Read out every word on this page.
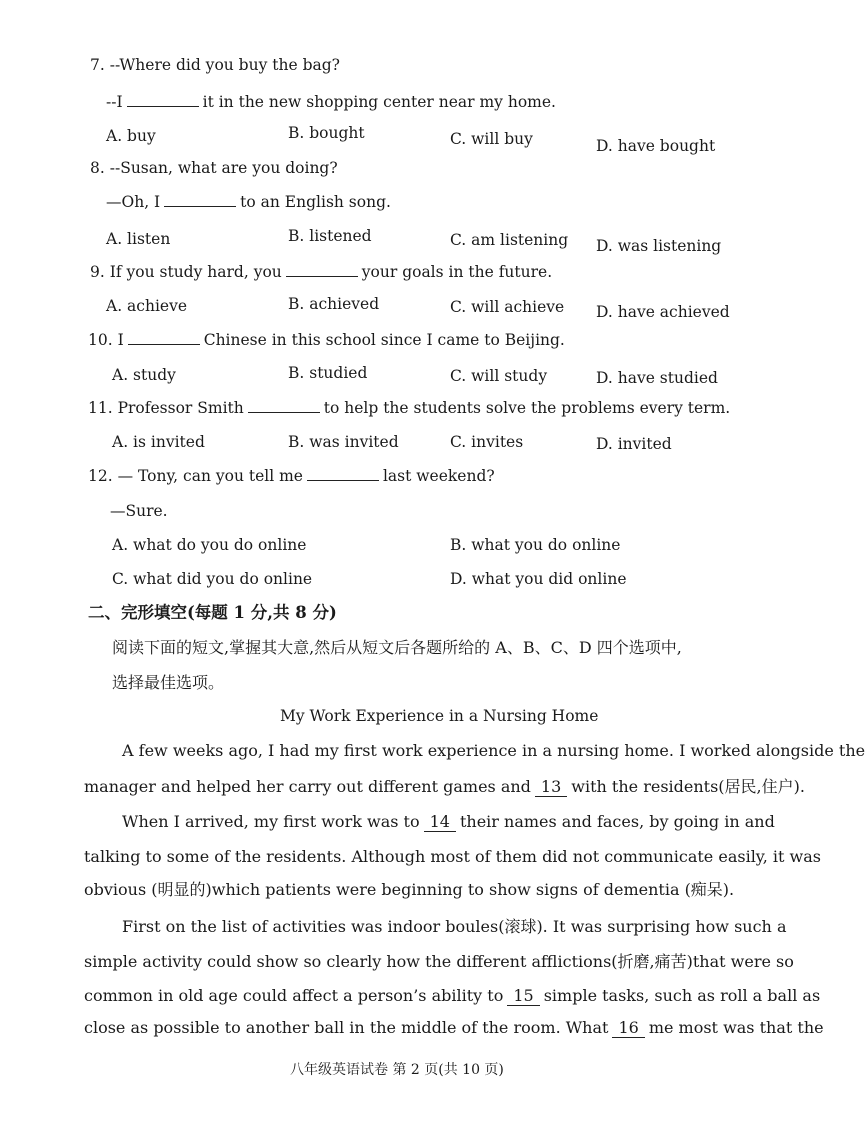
7. --Where did you buy the bag?
--I	it in the new shopping center near my home.
A. buy	B. bought	C. will buy	D. have bought
8. --Susan, what are you doing?
—Oh, I	to an English song.
A. listen	B. listened	C. am listening D. was listening
9. If you study hard, you	your goals in the future.
A. achieve	B. achieved	C. will achieve D. have achieved
10. I	Chinese in this school since I came to Beijing.
A. study	B. studied	C. will study	D. have studied
11. Professor Smith	to help the students solve the problems every term.
A. is invited	B. was invited	C. invites	D. invited
12. — Tony, can you tell me	last weekend?
—Sure.
A. what do you do online	B. what you do online
C. what did you do online	D. what you did online
二、完形填空(每题 1 分,共 8 分)
阅读下面的短文,掌握其大意,然后从短文后各题所给的 A、B、C、D 四个选项中,
选择最佳选项。
My Work Experience in a Nursing Home
A few weeks ago, I had my first work experience in a nursing home. I worked alongside the
manager and helped her carry out different games and 13 with the residents(居民,住户).
When I arrived, my first work was to 14 their names and faces, by going in and
talking to some of the residents. Although most of them did not communicate easily, it was
obvious (明显的)which patients were beginning to show signs of dementia (痴呆).
First on the list of activities was indoor boules(滚球). It was surprising how such a
simple activity could show so clearly how the different afflictions(折磨,痛苦)that were so
common in old age could affect a person’s ability to 15 simple tasks, such as roll a ball as
close as possible to another ball in the middle of the room. What 16 me most was that the
八年级英语试卷 第 2 页(共 10 页)
